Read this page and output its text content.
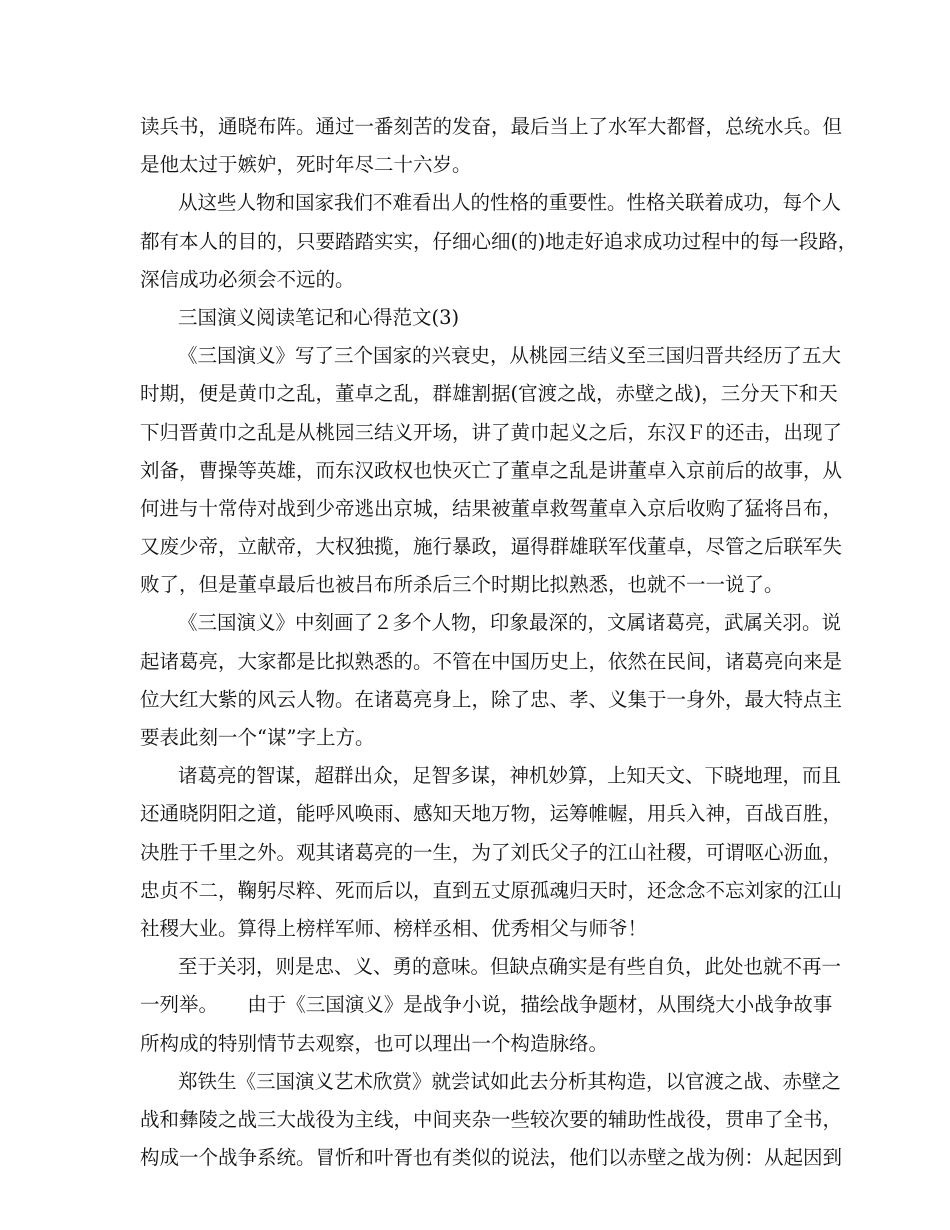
读兵书，通晓布阵。通过一番刻苦的发奋，最后当上了水军大都督，总统水兵。但
是他太过于嫉妒，死时年尽二十六岁。
从这些人物和国家我们不难看出人的性格的重要性。性格关联着成功，每个人
都有本人的目的，只要踏踏实实，仔细心细(的)地走好追求成功过程中的每一段路，
深信成功必须会不远的。
三国演义阅读笔记和心得范文(3)
《三国演义》写了三个国家的兴衰史，从桃园三结义至三国归晋共经历了五大
时期，便是黄巾之乱，董卓之乱，群雄割据(官渡之战，赤壁之战)，三分天下和天
下归晋黄巾之乱是从桃园三结义开场，讲了黄巾起义之后，东汉Ｆ的还击，出现了
刘备，曹操等英雄，而东汉政权也快灭亡了董卓之乱是讲董卓入京前后的故事，从
何进与十常侍对战到少帝逃出京城，结果被董卓救驾董卓入京后收购了猛将吕布，
又废少帝，立献帝，大权独揽，施行暴政，逼得群雄联军伐董卓，尽管之后联军失
败了，但是董卓最后也被吕布所杀后三个时期比拟熟悉，也就不一一说了。
《三国演义》中刻画了２多个人物，印象最深的，文属诸葛亮，武属关羽。说
起诸葛亮，大家都是比拟熟悉的。不管在中国历史上，依然在民间，诸葛亮向来是
位大红大紫的风云人物。在诸葛亮身上，除了忠、孝、义集于一身外，最大特点主
要表此刻一个“谋”字上方。
诸葛亮的智谋，超群出众，足智多谋，神机妙算，上知天文、下晓地理，而且
还通晓阴阳之道，能呼风唤雨、感知天地万物，运筹帷幄，用兵入神，百战百胜，
决胜于千里之外。观其诸葛亮的一生，为了刘氏父子的江山社稷，可谓呕心沥血，
忠贞不二，鞠躬尽粹、死而后以，直到五丈原孤魂归天时，还念念不忘刘家的江山
社稷大业。算得上榜样军师、榜样丞相、优秀相父与师爷！
至于关羽，则是忠、义、勇的意味。但缺点确实是有些自负，此处也就不再一
一列举。　　由于《三国演义》是战争小说，描绘战争题材，从围绕大小战争故事
所构成的特别情节去观察，也可以理出一个构造脉络。
郑铁生《三国演义艺术欣赏》就尝试如此去分析其构造，以官渡之战、赤壁之
战和彝陵之战三大战役为主线，中间夹杂一些较次要的辅助性战役，贯串了全书，
构成一个战争系统。冒忻和叶胥也有类似的说法，他们以赤壁之战为例：从起因到
